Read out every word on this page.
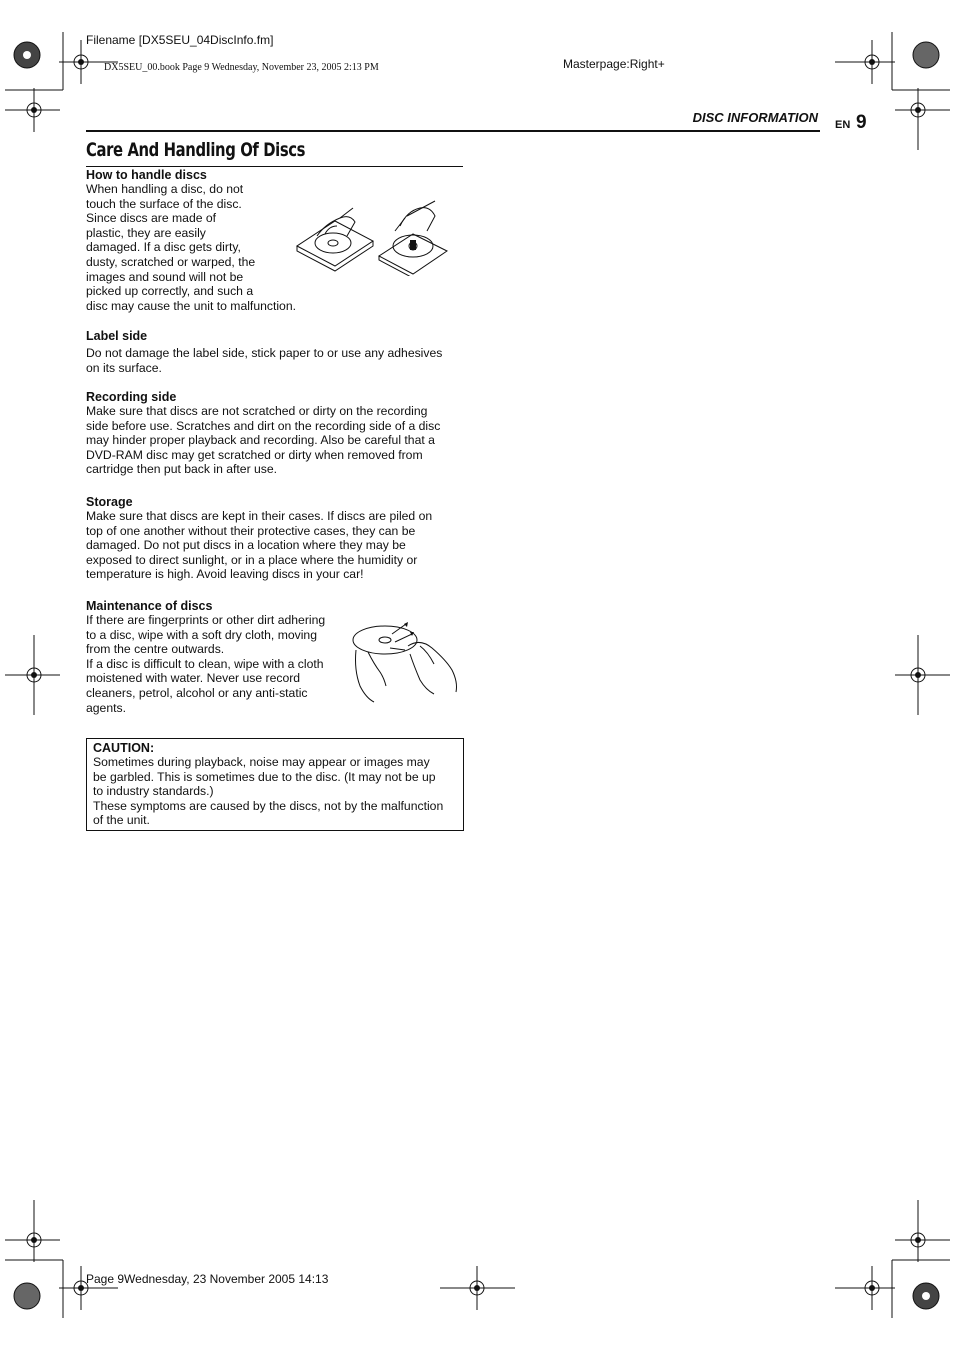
Filename [DX5SEU_04DiscInfo.fm]
DX5SEU_00.book Page 9 Wednesday, November 23, 2005 2:13 PM	Masterpage:Right+
Page 9Wednesday, 23 November 2005 14:13
DISC INFORMATION EN 9
Care And Handling Of Discs
How to handle discs

When handling a disc, do not
touch the surface of the disc.
Since discs are made of
plastic, they are easily
damaged. If a disc gets dirty,
dusty, scratched or warped, the
images and sound will not be
picked up correctly, and such a
disc may cause the unit to malfunction.

Label side

Do not damage the label side, stick paper to or use any adhesives
on its surface.

Recording side

Make sure that discs are not scratched or dirty on the recording
side before use. Scratches and dirt on the recording side of a disc
may hinder proper playback and recording. Also be careful that a
DVD-RAM disc may get scratched or dirty when removed from
cartridge then put back in after use.

Storage

Make sure that discs are kept in their cases. If discs are piled on
top of one another without their protective cases, they can be
damaged. Do not put discs in a location where they may be
exposed to direct sunlight, or in a place where the humidity or
temperature is high. Avoid leaving discs in your car!

Maintenance of discs

If there are fingerprints or other dirt adhering
to a disc, wipe with a soft dry cloth, moving
from the centre outwards.
If a disc is difficult to clean, wipe with a cloth
moistened with water. Never use record
cleaners, petrol, alcohol or any anti-static
agents.

CAUTION:

Sometimes during playback, noise may appear or images may
be garbled. This is sometimes due to the disc. (It may not be up
to industry standards.)
These symptoms are caused by the discs, not by the malfunction
of the unit.
